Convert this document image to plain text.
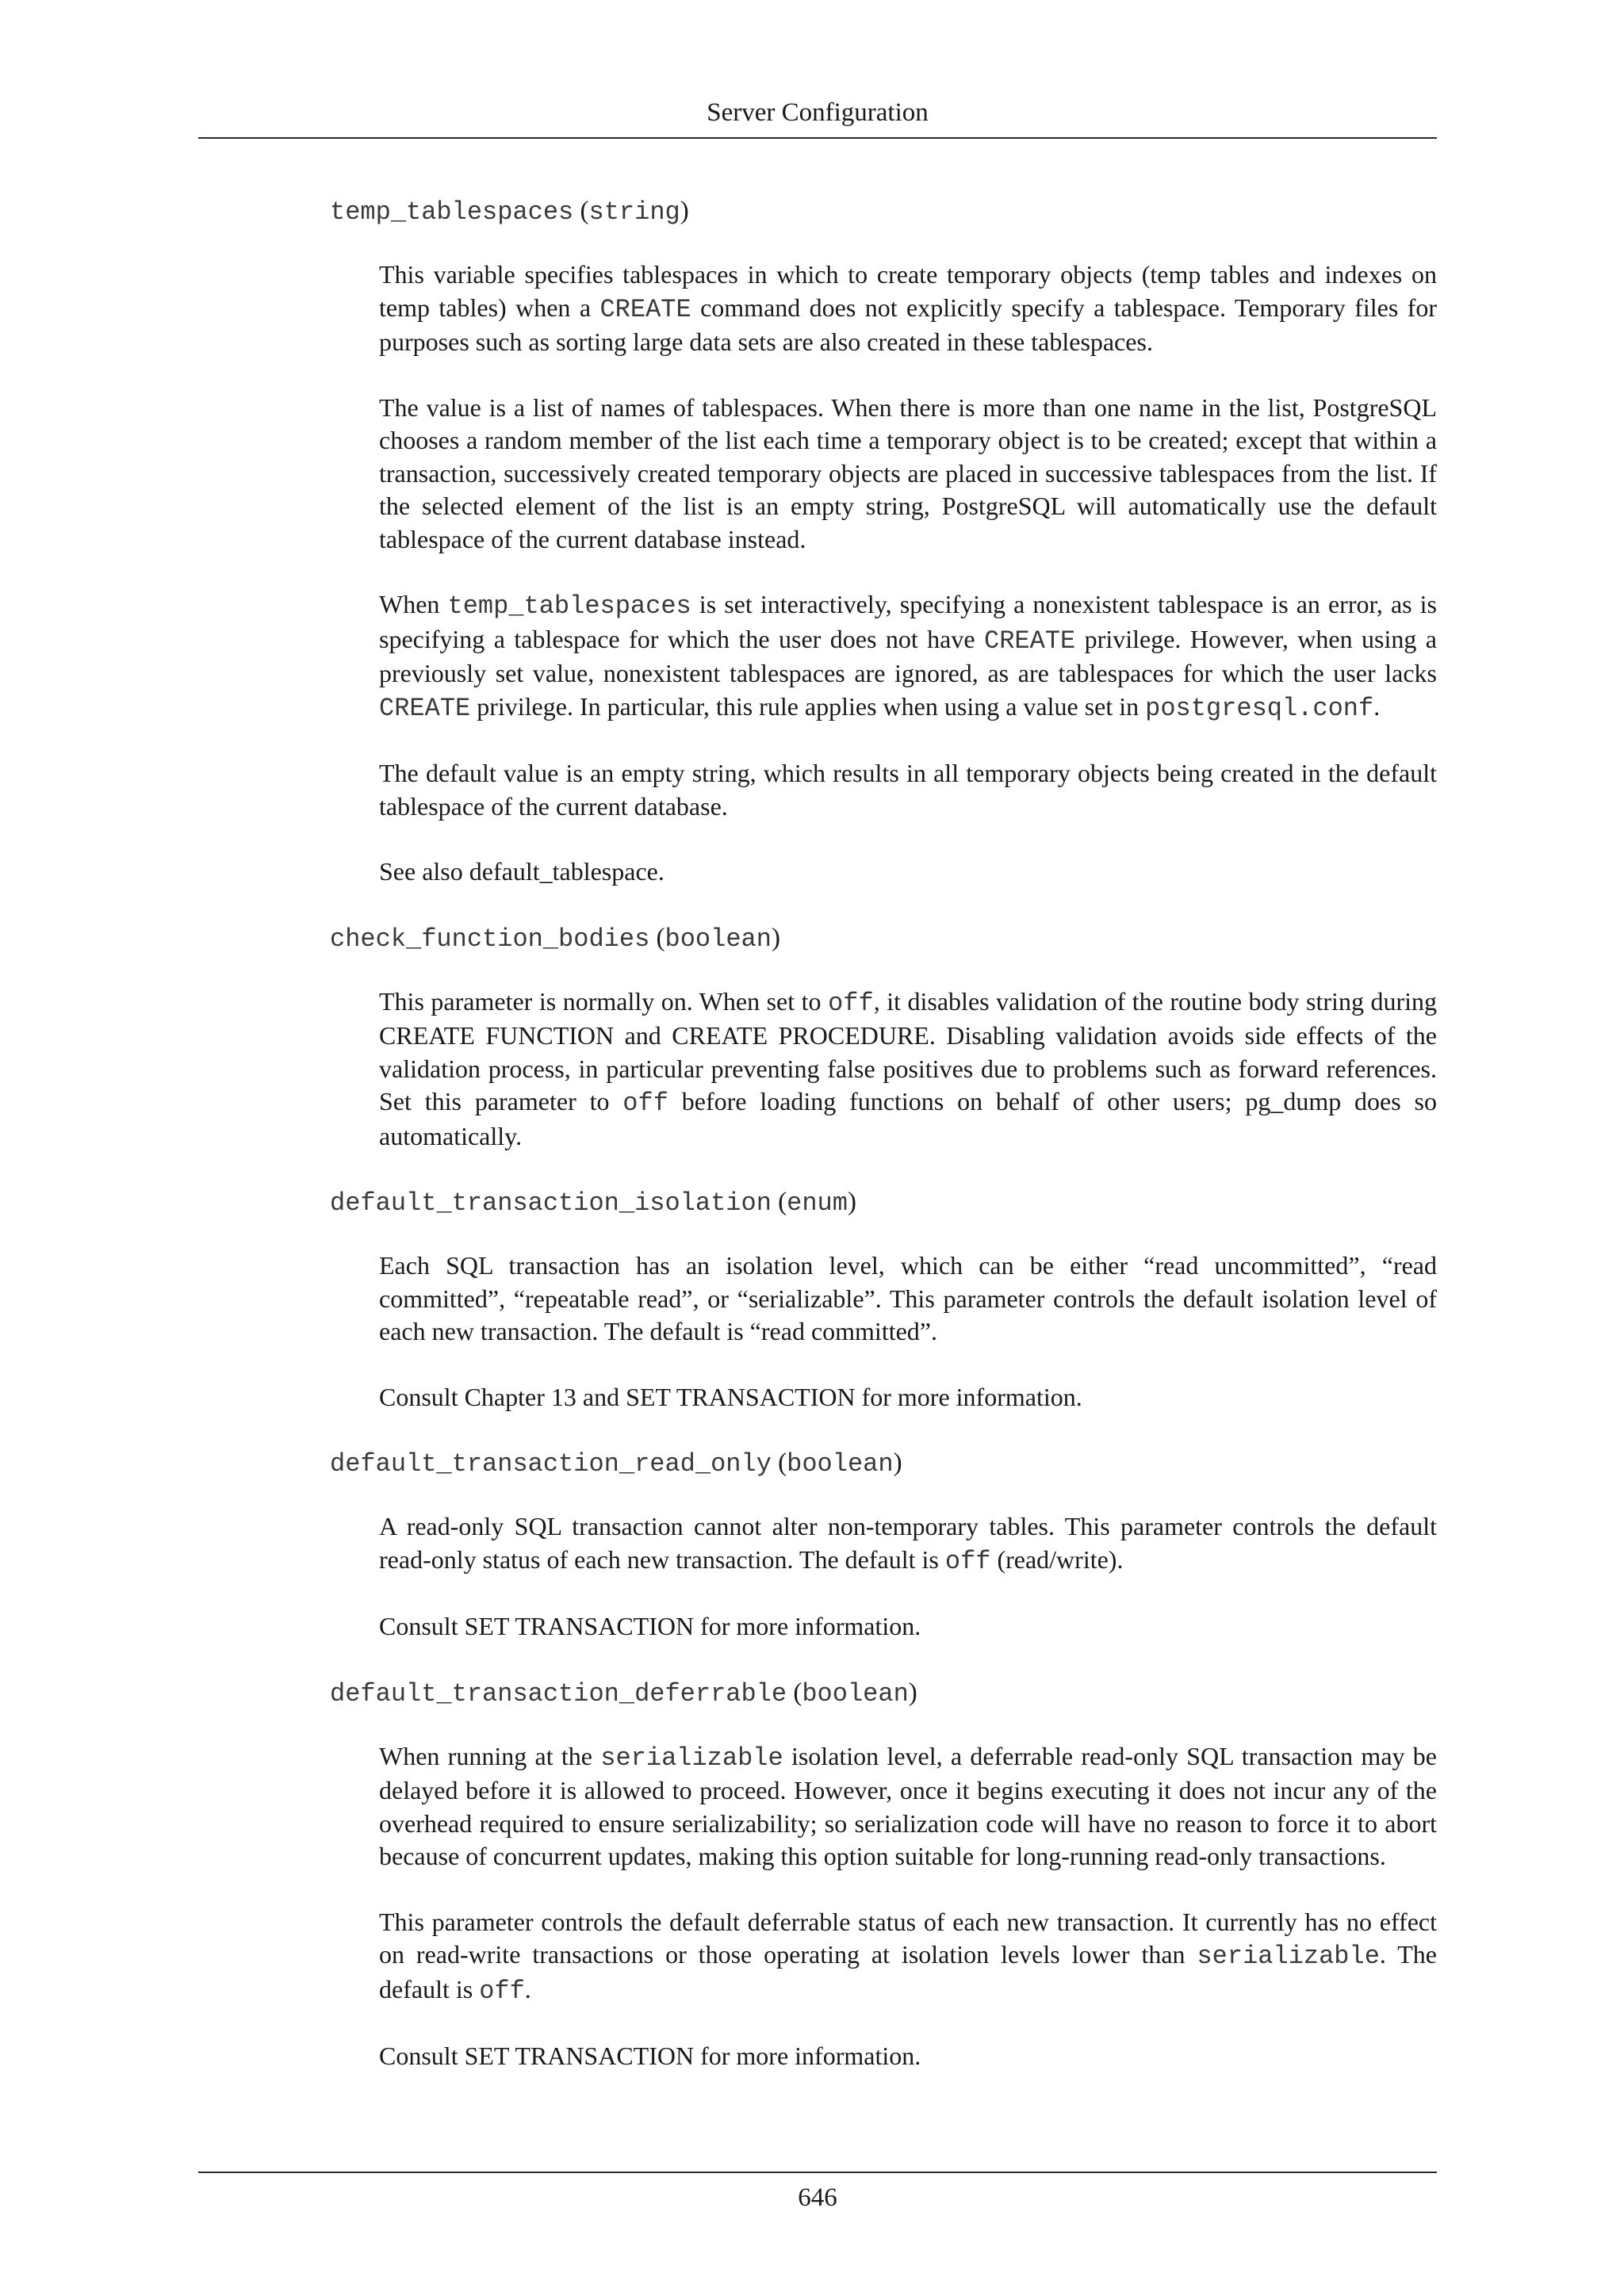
Server Configuration
temp_tablespaces (string)

This variable specifies tablespaces in which to create temporary objects (temp tables and indexes on temp tables) when a CREATE command does not explicitly specify a tablespace. Temporary files for purposes such as sorting large data sets are also created in these tablespaces.

The value is a list of names of tablespaces. When there is more than one name in the list, PostgreSQL chooses a random member of the list each time a temporary object is to be created; except that within a transaction, successively created temporary objects are placed in successive tablespaces from the list. If the selected element of the list is an empty string, PostgreSQL will automatically use the default tablespace of the current database instead.

When temp_tablespaces is set interactively, specifying a nonexistent tablespace is an error, as is specifying a tablespace for which the user does not have CREATE privilege. However, when using a previously set value, nonexistent tablespaces are ignored, as are tablespaces for which the user lacks CREATE privilege. In particular, this rule applies when using a value set in postgresql.conf.

The default value is an empty string, which results in all temporary objects being created in the default tablespace of the current database.

See also default_tablespace.

check_function_bodies (boolean)

This parameter is normally on. When set to off, it disables validation of the routine body string during CREATE FUNCTION and CREATE PROCEDURE. Disabling validation avoids side effects of the validation process, in particular preventing false positives due to problems such as forward references. Set this parameter to off before loading functions on behalf of other users; pg_dump does so automatically.

default_transaction_isolation (enum)

Each SQL transaction has an isolation level, which can be either “read uncommitted”, “read committed”, “repeatable read”, or “serializable”. This parameter controls the default isolation level of each new transaction. The default is “read committed”.

Consult Chapter 13 and SET TRANSACTION for more information.

default_transaction_read_only (boolean)

A read-only SQL transaction cannot alter non-temporary tables. This parameter controls the default read-only status of each new transaction. The default is off (read/write).

Consult SET TRANSACTION for more information.

default_transaction_deferrable (boolean)

When running at the serializable isolation level, a deferrable read-only SQL transaction may be delayed before it is allowed to proceed. However, once it begins executing it does not incur any of the overhead required to ensure serializability; so serialization code will have no reason to force it to abort because of concurrent updates, making this option suitable for long-running read-only transactions.

This parameter controls the default deferrable status of each new transaction. It currently has no effect on read-write transactions or those operating at isolation levels lower than serializable. The default is off.

Consult SET TRANSACTION for more information.

646
